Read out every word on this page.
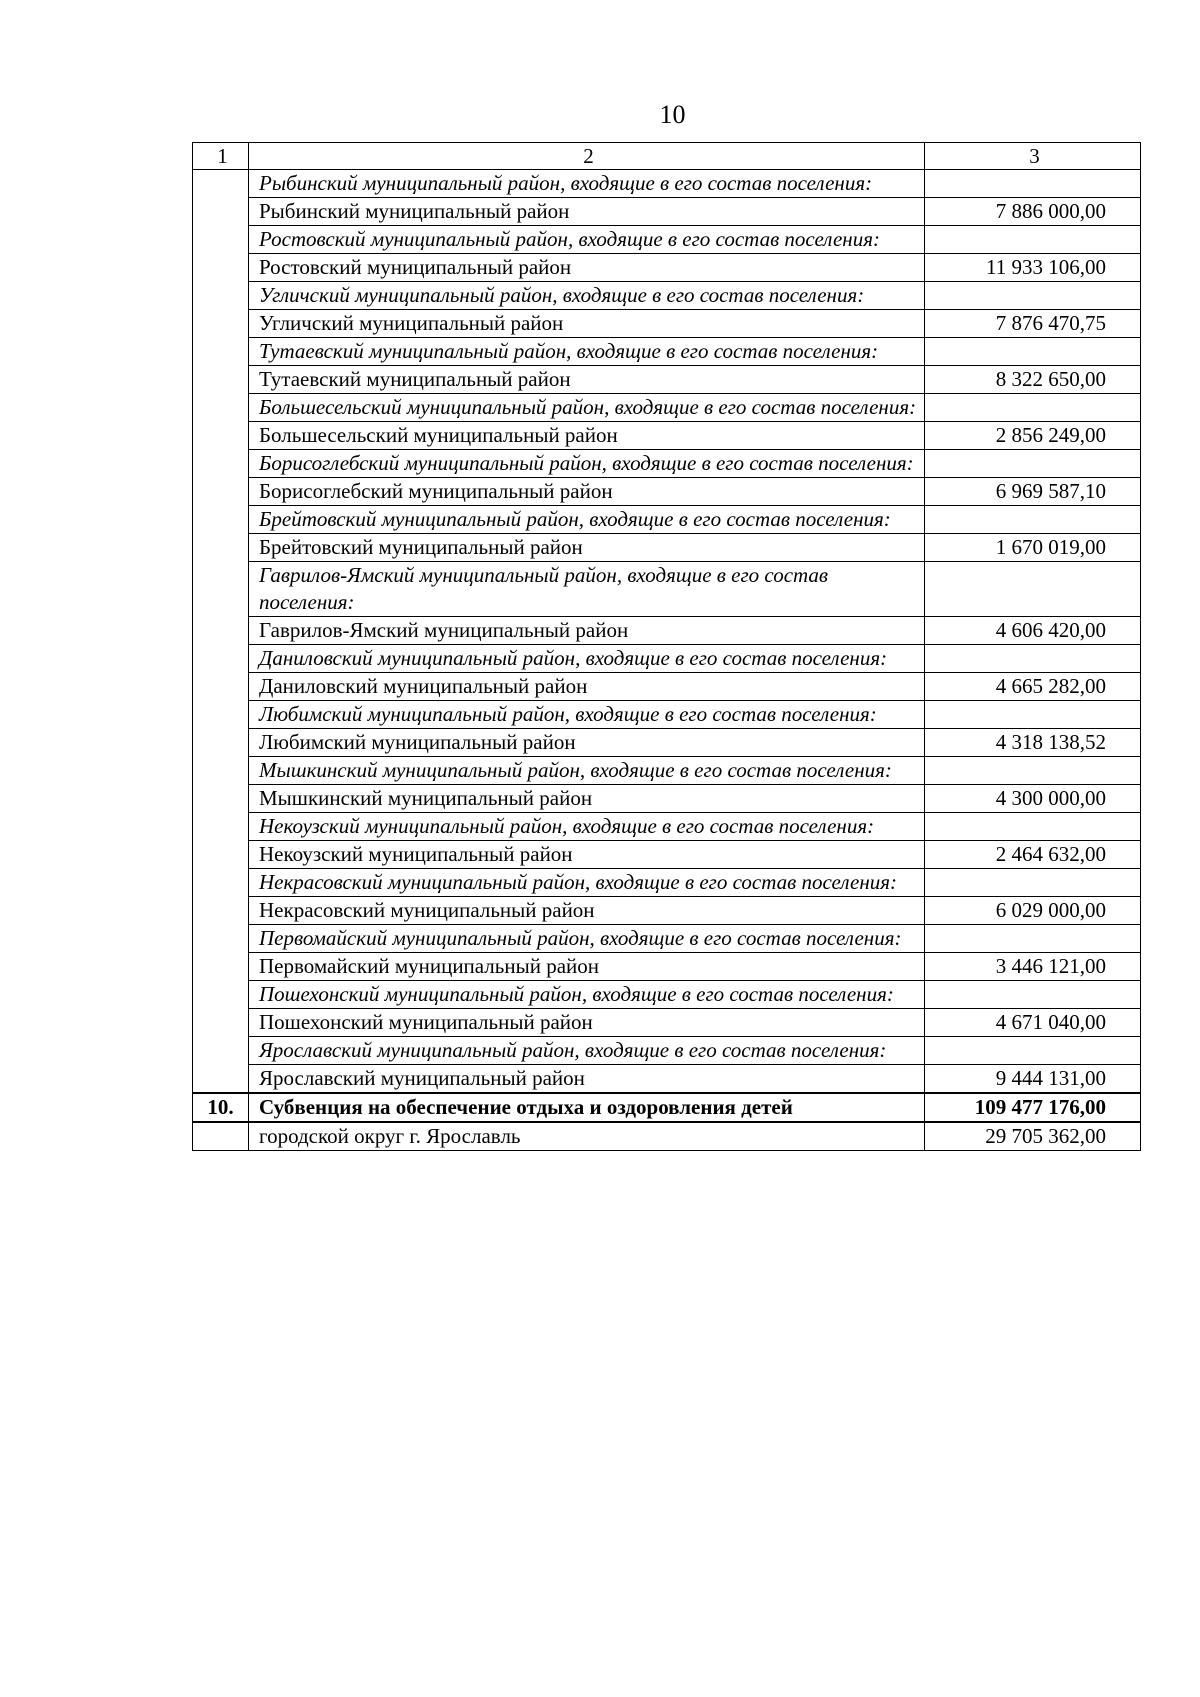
10
1	2	3
	Рыбинский муниципальный район, входящие в его состав поселения:	
	Рыбинский муниципальный район	7 886 000,00
	Ростовский муниципальный район, входящие в его состав поселения:	
	Ростовский муниципальный район	11 933 106,00
	Угличский муниципальный район, входящие в его состав поселения:	
	Угличский муниципальный район	7 876 470,75
	Тутаевский муниципальный район, входящие в его состав поселения:	
	Тутаевский муниципальный район	8 322 650,00
	Большесельский муниципальный район, входящие в его состав поселения:	
	Большесельский муниципальный район	2 856 249,00
	Борисоглебский муниципальный район, входящие в его состав поселения:	
	Борисоглебский муниципальный район	6 969 587,10
	Брейтовский муниципальный район, входящие в его состав поселения:	
	Брейтовский муниципальный район	1 670 019,00
	Гаврилов-Ямский муниципальный район, входящие в его состав поселения:	
	Гаврилов-Ямский муниципальный район	4 606 420,00
	Даниловский муниципальный район, входящие в его состав поселения:	
	Даниловский муниципальный район	4 665 282,00
	Любимский муниципальный район, входящие в его состав поселения:	
	Любимский муниципальный район	4 318 138,52
	Мышкинский муниципальный район, входящие в его состав поселения:	
	Мышкинский муниципальный район	4 300 000,00
	Некоузский муниципальный район, входящие в его состав поселения:	
	Некоузский муниципальный район	2 464 632,00
	Некрасовский муниципальный район, входящие в его состав поселения:	
	Некрасовский муниципальный район	6 029 000,00
	Первомайский муниципальный район, входящие в его состав поселения:	
	Первомайский муниципальный район	3 446 121,00
	Пошехонский муниципальный район, входящие в его состав поселения:	
	Пошехонский муниципальный район	4 671 040,00
	Ярославский муниципальный район, входящие в его состав поселения:	
	Ярославский муниципальный район	9 444 131,00
10.	Субвенция на обеспечение отдыха и оздоровления детей	109 477 176,00
	городской округ г. Ярославль	29 705 362,00
